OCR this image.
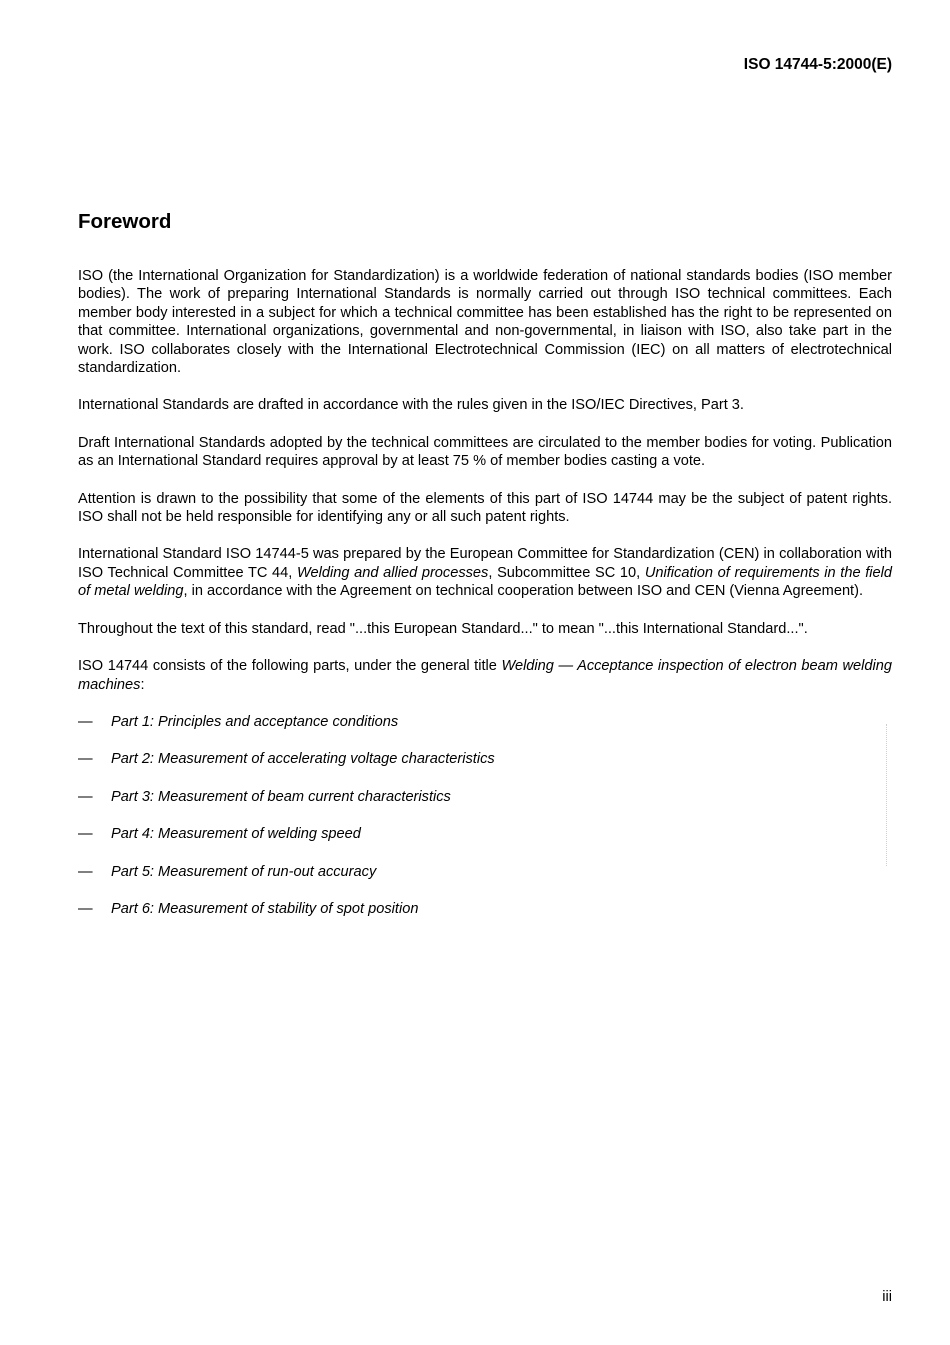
ISO 14744-5:2000(E)

Foreword

ISO (the International Organization for Standardization) is a worldwide federation of national standards bodies (ISO member bodies). The work of preparing International Standards is normally carried out through ISO technical committees. Each member body interested in a subject for which a technical committee has been established has the right to be represented on that committee. International organizations, governmental and non-governmental, in liaison with ISO, also take part in the work. ISO collaborates closely with the International Electrotechnical Commission (IEC) on all matters of electrotechnical standardization.

International Standards are drafted in accordance with the rules given in the ISO/IEC Directives, Part 3.

Draft International Standards adopted by the technical committees are circulated to the member bodies for voting. Publication as an International Standard requires approval by at least 75 % of member bodies casting a vote.

Attention is drawn to the possibility that some of the elements of this part of ISO 14744 may be the subject of patent rights. ISO shall not be held responsible for identifying any or all such patent rights.

International Standard ISO 14744-5 was prepared by the European Committee for Standardization (CEN) in collaboration with ISO Technical Committee TC 44, Welding and allied processes, Subcommittee SC 10, Unification of requirements in the field of metal welding, in accordance with the Agreement on technical cooperation between ISO and CEN (Vienna Agreement).

Throughout the text of this standard, read "...this European Standard..." to mean "...this International Standard...".

ISO 14744 consists of the following parts, under the general title Welding — Acceptance inspection of electron beam welding machines:

—	Part 1: Principles and acceptance conditions
—	Part 2: Measurement of accelerating voltage characteristics
—	Part 3: Measurement of beam current characteristics
—	Part 4: Measurement of welding speed
—	Part 5: Measurement of run-out accuracy
—	Part 6: Measurement of stability of spot position

iii
